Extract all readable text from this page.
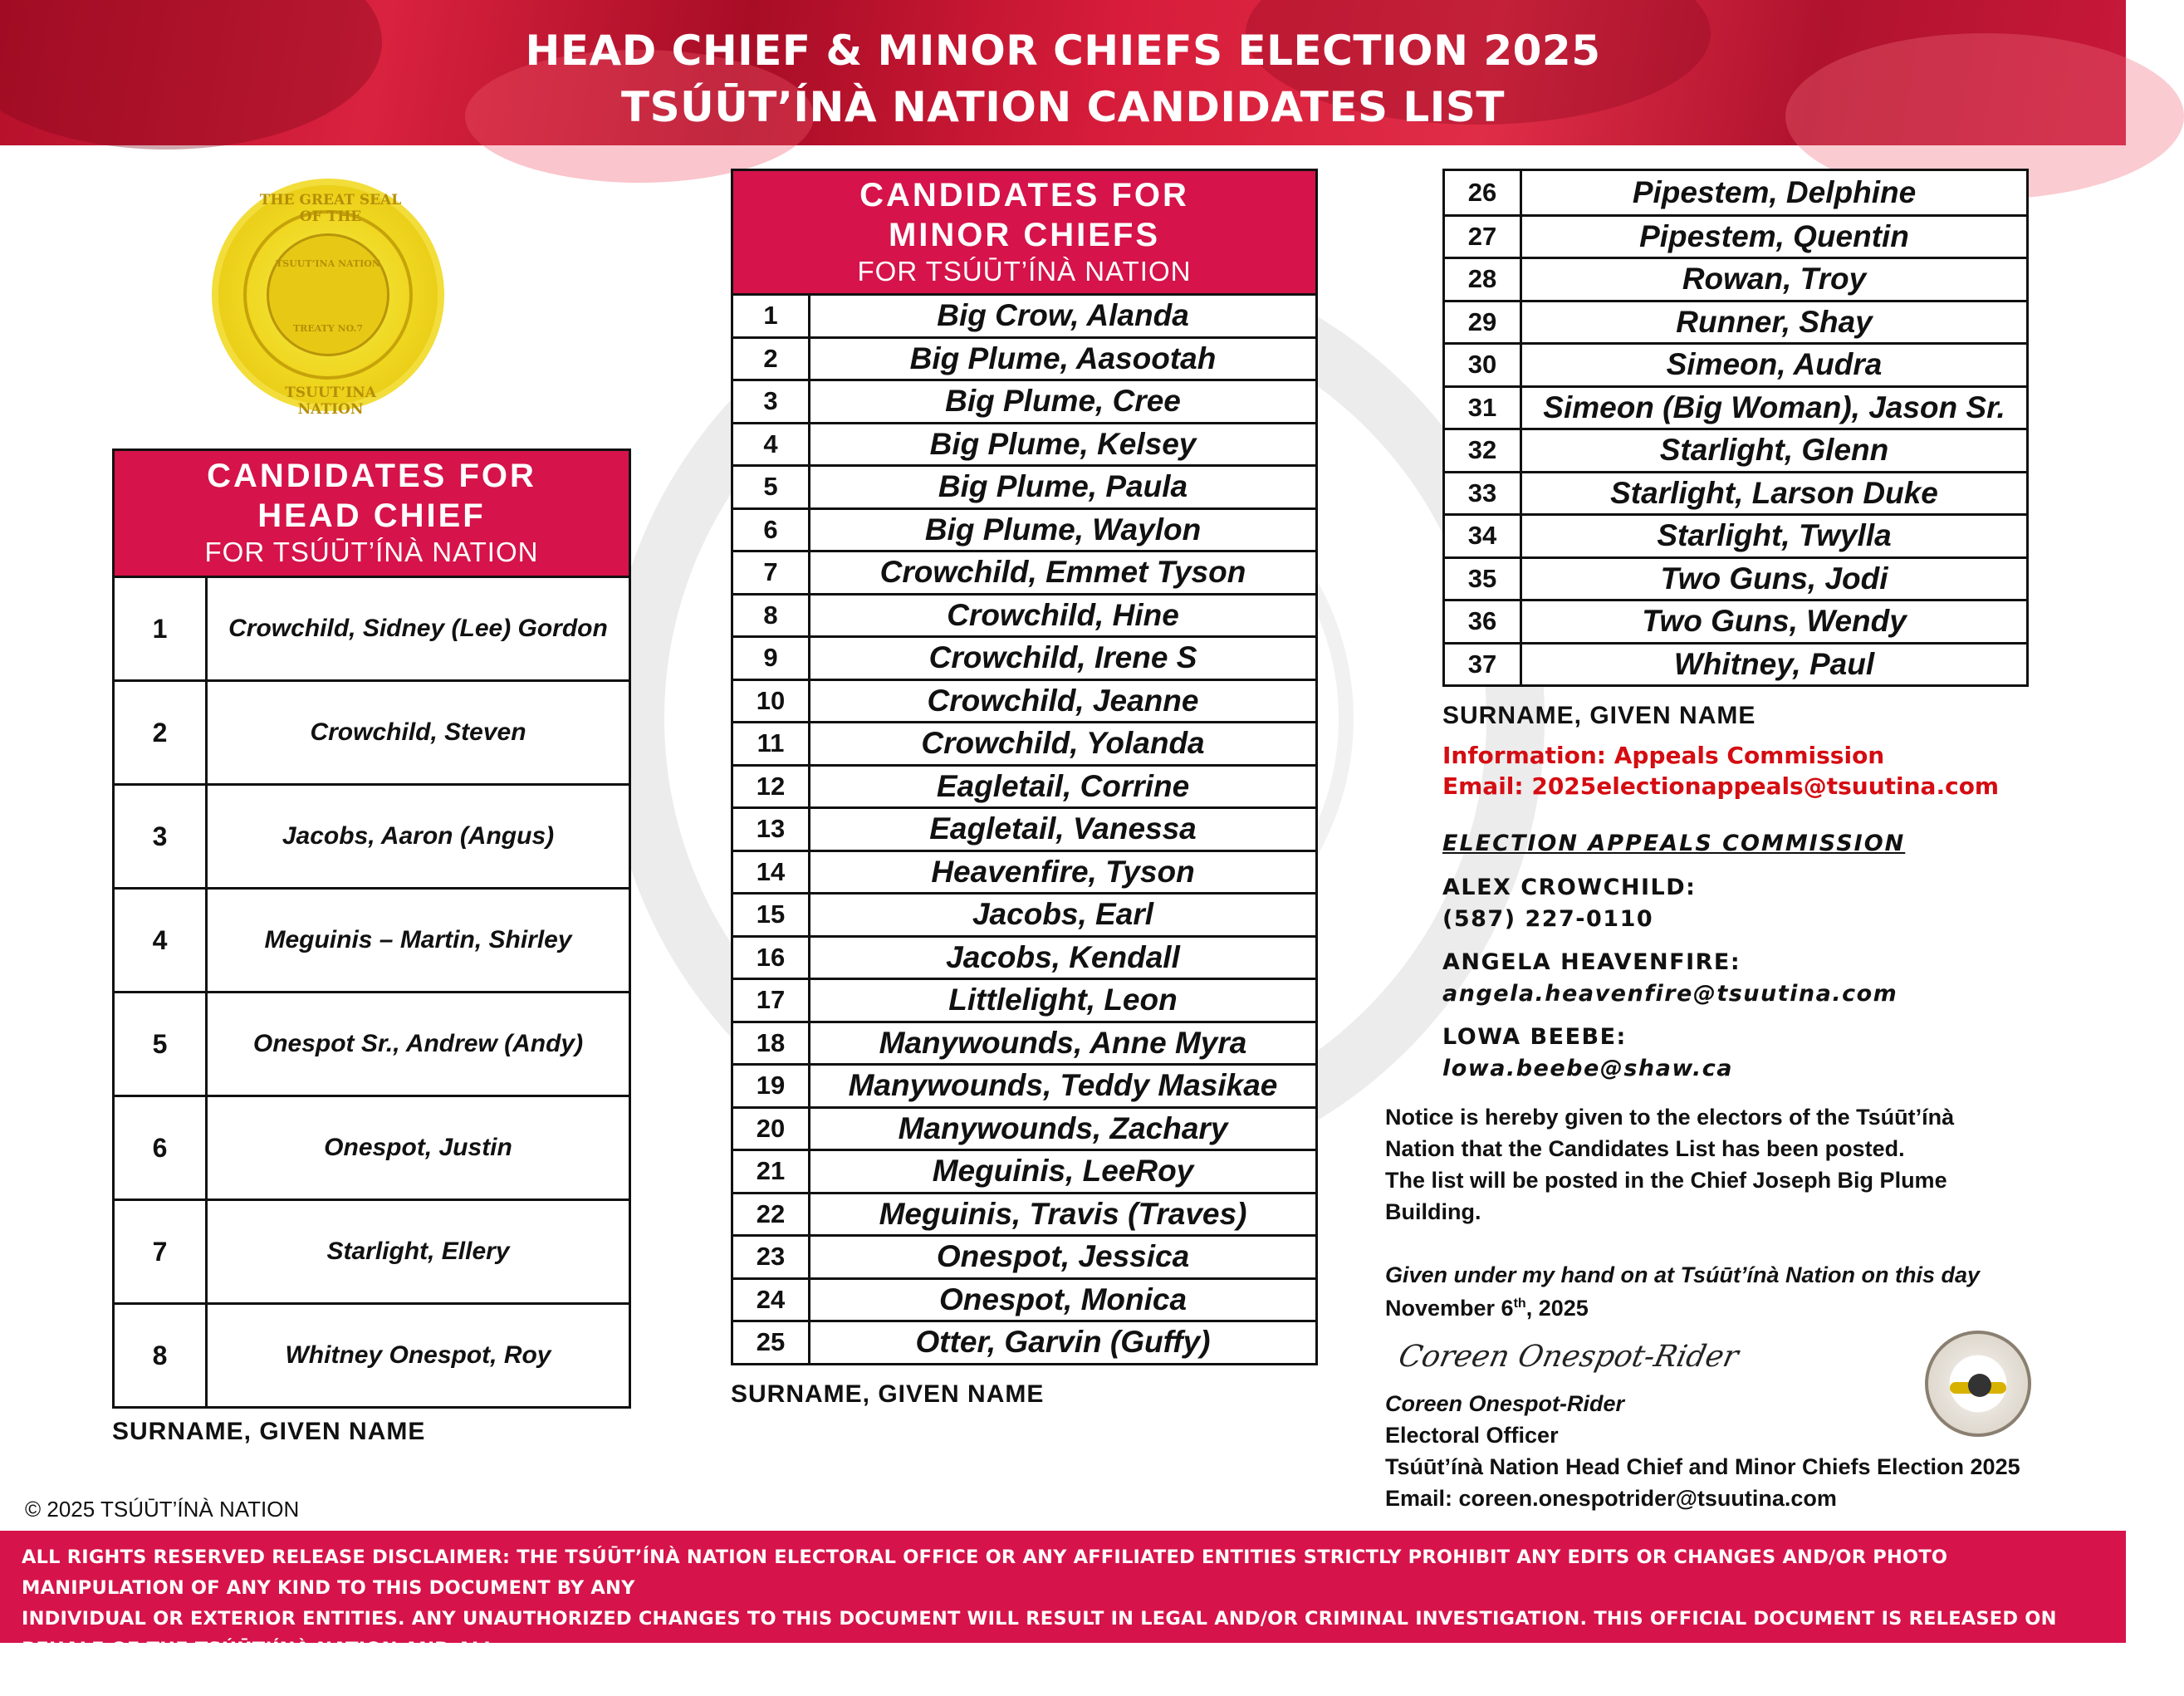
HEAD CHIEF & MINOR CHIEFS ELECTION 2025
TSÚŪT’ÍNÀ NATION CANDIDATES LIST
THE GREAT SEAL OF THE
TSUUT’INA NATION
TSUUT’INA NATION
TREATY NO.7
CANDIDATES FOR
HEAD CHIEF
FOR TSÚŪT’ÍNÀ NATION
1	Crowchild, Sidney (Lee) Gordon
2	Crowchild, Steven
3	Jacobs, Aaron (Angus)
4	Meguinis – Martin, Shirley
5	Onespot Sr., Andrew (Andy)
6	Onespot, Justin
7	Starlight, Ellery
8	Whitney Onespot, Roy
SURNAME, GIVEN NAME
CANDIDATES FOR
MINOR CHIEFS
FOR TSÚŪT’ÍNÀ NATION
1	Big Crow, Alanda
2	Big Plume, Aasootah
3	Big Plume, Cree
4	Big Plume, Kelsey
5	Big Plume, Paula
6	Big Plume, Waylon
7	Crowchild, Emmet Tyson
8	Crowchild, Hine
9	Crowchild, Irene S
10	Crowchild, Jeanne
11	Crowchild, Yolanda
12	Eagletail, Corrine
13	Eagletail, Vanessa
14	Heavenfire, Tyson
15	Jacobs, Earl
16	Jacobs, Kendall
17	Littlelight, Leon
18	Manywounds, Anne Myra
19	Manywounds, Teddy Masikae
20	Manywounds, Zachary
21	Meguinis, LeeRoy
22	Meguinis, Travis (Traves)
23	Onespot, Jessica
24	Onespot, Monica
25	Otter, Garvin (Guffy)
SURNAME, GIVEN NAME
26	Pipestem, Delphine
27	Pipestem, Quentin
28	Rowan, Troy
29	Runner, Shay
30	Simeon, Audra
31	Simeon (Big Woman), Jason Sr.
32	Starlight, Glenn
33	Starlight, Larson Duke
34	Starlight, Twylla
35	Two Guns, Jodi
36	Two Guns, Wendy
37	Whitney, Paul
SURNAME, GIVEN NAME
Information: Appeals Commission
Email: 2025electionappeals@tsuutina.com
ELECTION APPEALS COMMISSION
ALEX CROWCHILD:
(587) 227-0110
ANGELA HEAVENFIRE:
angela.heavenfire@tsuutina.com
LOWA BEEBE:
lowa.beebe@shaw.ca
Notice is hereby given to the electors of the Tsúūt’ínà
Nation that the Candidates List has been posted.
The list will be posted in the Chief Joseph Big Plume
Building.
Given under my hand on at Tsúūt’ínà Nation on this day
November 6th, 2025
Coreen Onespot-Rider
Coreen Onespot-Rider
Electoral Officer
Tsúūt’ínà Nation Head Chief and Minor Chiefs Election 2025
Email: coreen.onespotrider@tsuutina.com
© 2025 TSÚŪT’ÍNÀ NATION
ALL RIGHTS RESERVED RELEASE DISCLAIMER: THE TSÚŪT’ÍNÀ NATION ELECTORAL OFFICE OR ANY AFFILIATED ENTITIES STRICTLY PROHIBIT ANY EDITS OR CHANGES AND/OR PHOTO MANIPULATION OF ANY KIND TO THIS DOCUMENT BY ANY
INDIVIDUAL OR EXTERIOR ENTITIES. ANY UNAUTHORIZED CHANGES TO THIS DOCUMENT WILL RESULT IN LEGAL AND/OR CRIMINAL INVESTIGATION. THIS OFFICIAL DOCUMENT IS RELEASED ON BEHALF OF THE TSÚŪT’ÍNÀ NATION AND ALL
COPYRIGHT IS OWNED BY TSÚŪT’ÍNÀ NATION AND STRICTLY PROHIBITS THAT NO PART OF THIS DOCUMENT BE REPRODUCED, MANIPULATED, OR COMPROMISED.
